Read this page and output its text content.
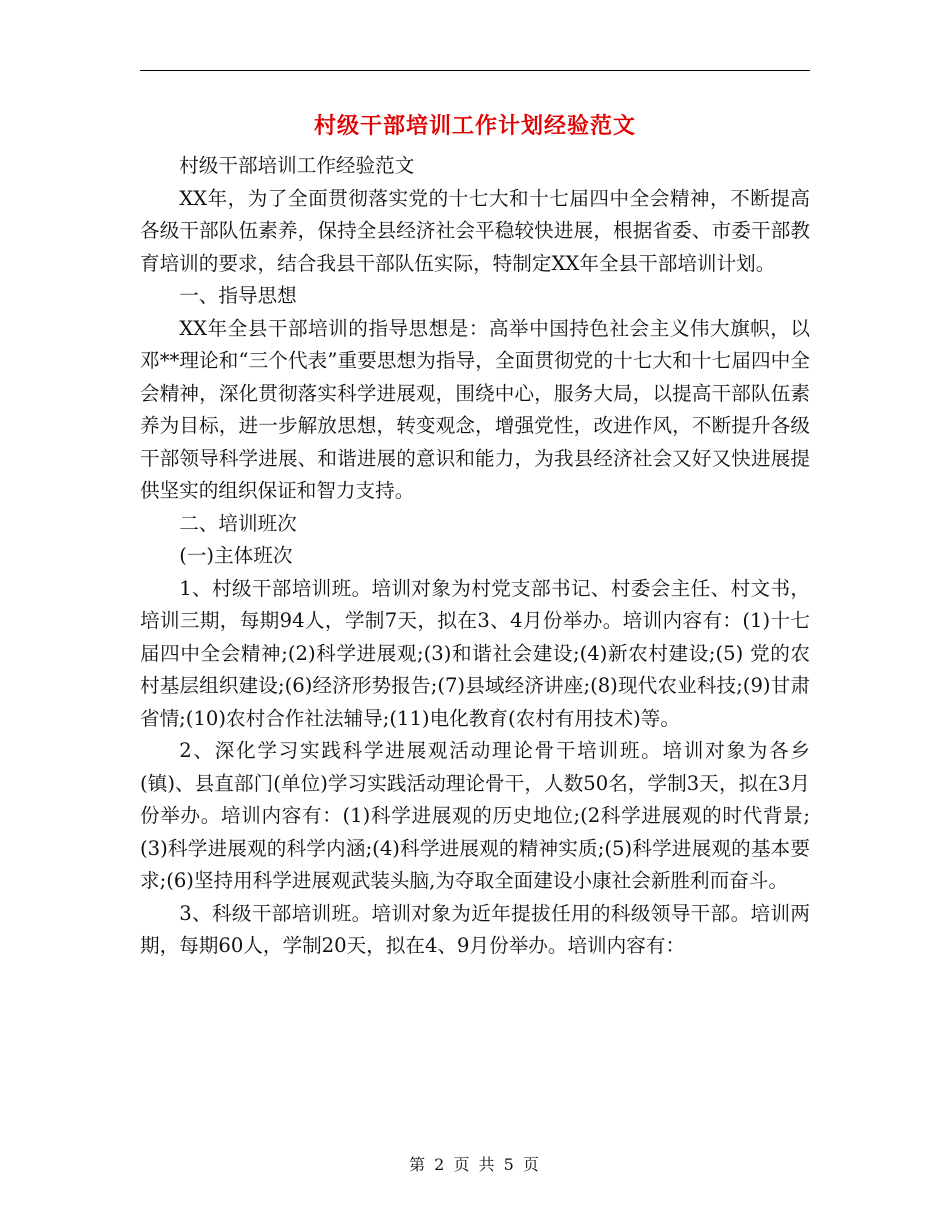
村级干部培训工作计划经验范文

村级干部培训工作经验范文

XX年，为了全面贯彻落实党的十七大和十七届四中全会精神，不断提高各级干部队伍素养，保持全县经济社会平稳较快进展，根据省委、市委干部教育培训的要求，结合我县干部队伍实际，特制定XX年全县干部培训计划。

一、指导思想

XX年全县干部培训的指导思想是：高举中国持色社会主义伟大旗帜，以邓**理论和“三个代表”重要思想为指导，全面贯彻党的十七大和十七届四中全会精神，深化贯彻落实科学进展观，围绕中心，服务大局，以提高干部队伍素养为目标，进一步解放思想，转变观念，增强党性，改进作风，不断提升各级干部领导科学进展、和谐进展的意识和能力，为我县经济社会又好又快进展提供坚实的组织保证和智力支持。

二、培训班次

(一)主体班次

1、村级干部培训班。培训对象为村党支部书记、村委会主任、村文书，培训三期，每期94人，学制7天，拟在3、4月份举办。培训内容有：(1)十七届四中全会精神;(2)科学进展观;(3)和谐社会建设;(4)新农村建设;(5) 党的农村基层组织建设;(6)经济形势报告;(7)县域经济讲座;(8)现代农业科技;(9)甘肃省情;(10)农村合作社法辅导;(11)电化教育(农村有用技术)等。

2、深化学习实践科学进展观活动理论骨干培训班。培训对象为各乡(镇)、县直部门(单位)学习实践活动理论骨干，人数50名，学制3天，拟在3月份举办。培训内容有：(1)科学进展观的历史地位;(2科学进展观的时代背景;(3)科学进展观的科学内涵;(4)科学进展观的精神实质;(5)科学进展观的基本要求;(6)坚持用科学进展观武装头脑,为夺取全面建设小康社会新胜利而奋斗。

3、科级干部培训班。培训对象为近年提拔任用的科级领导干部。培训两期，每期60人，学制20天，拟在4、9月份举办。培训内容有：

第 2 页 共 5 页
